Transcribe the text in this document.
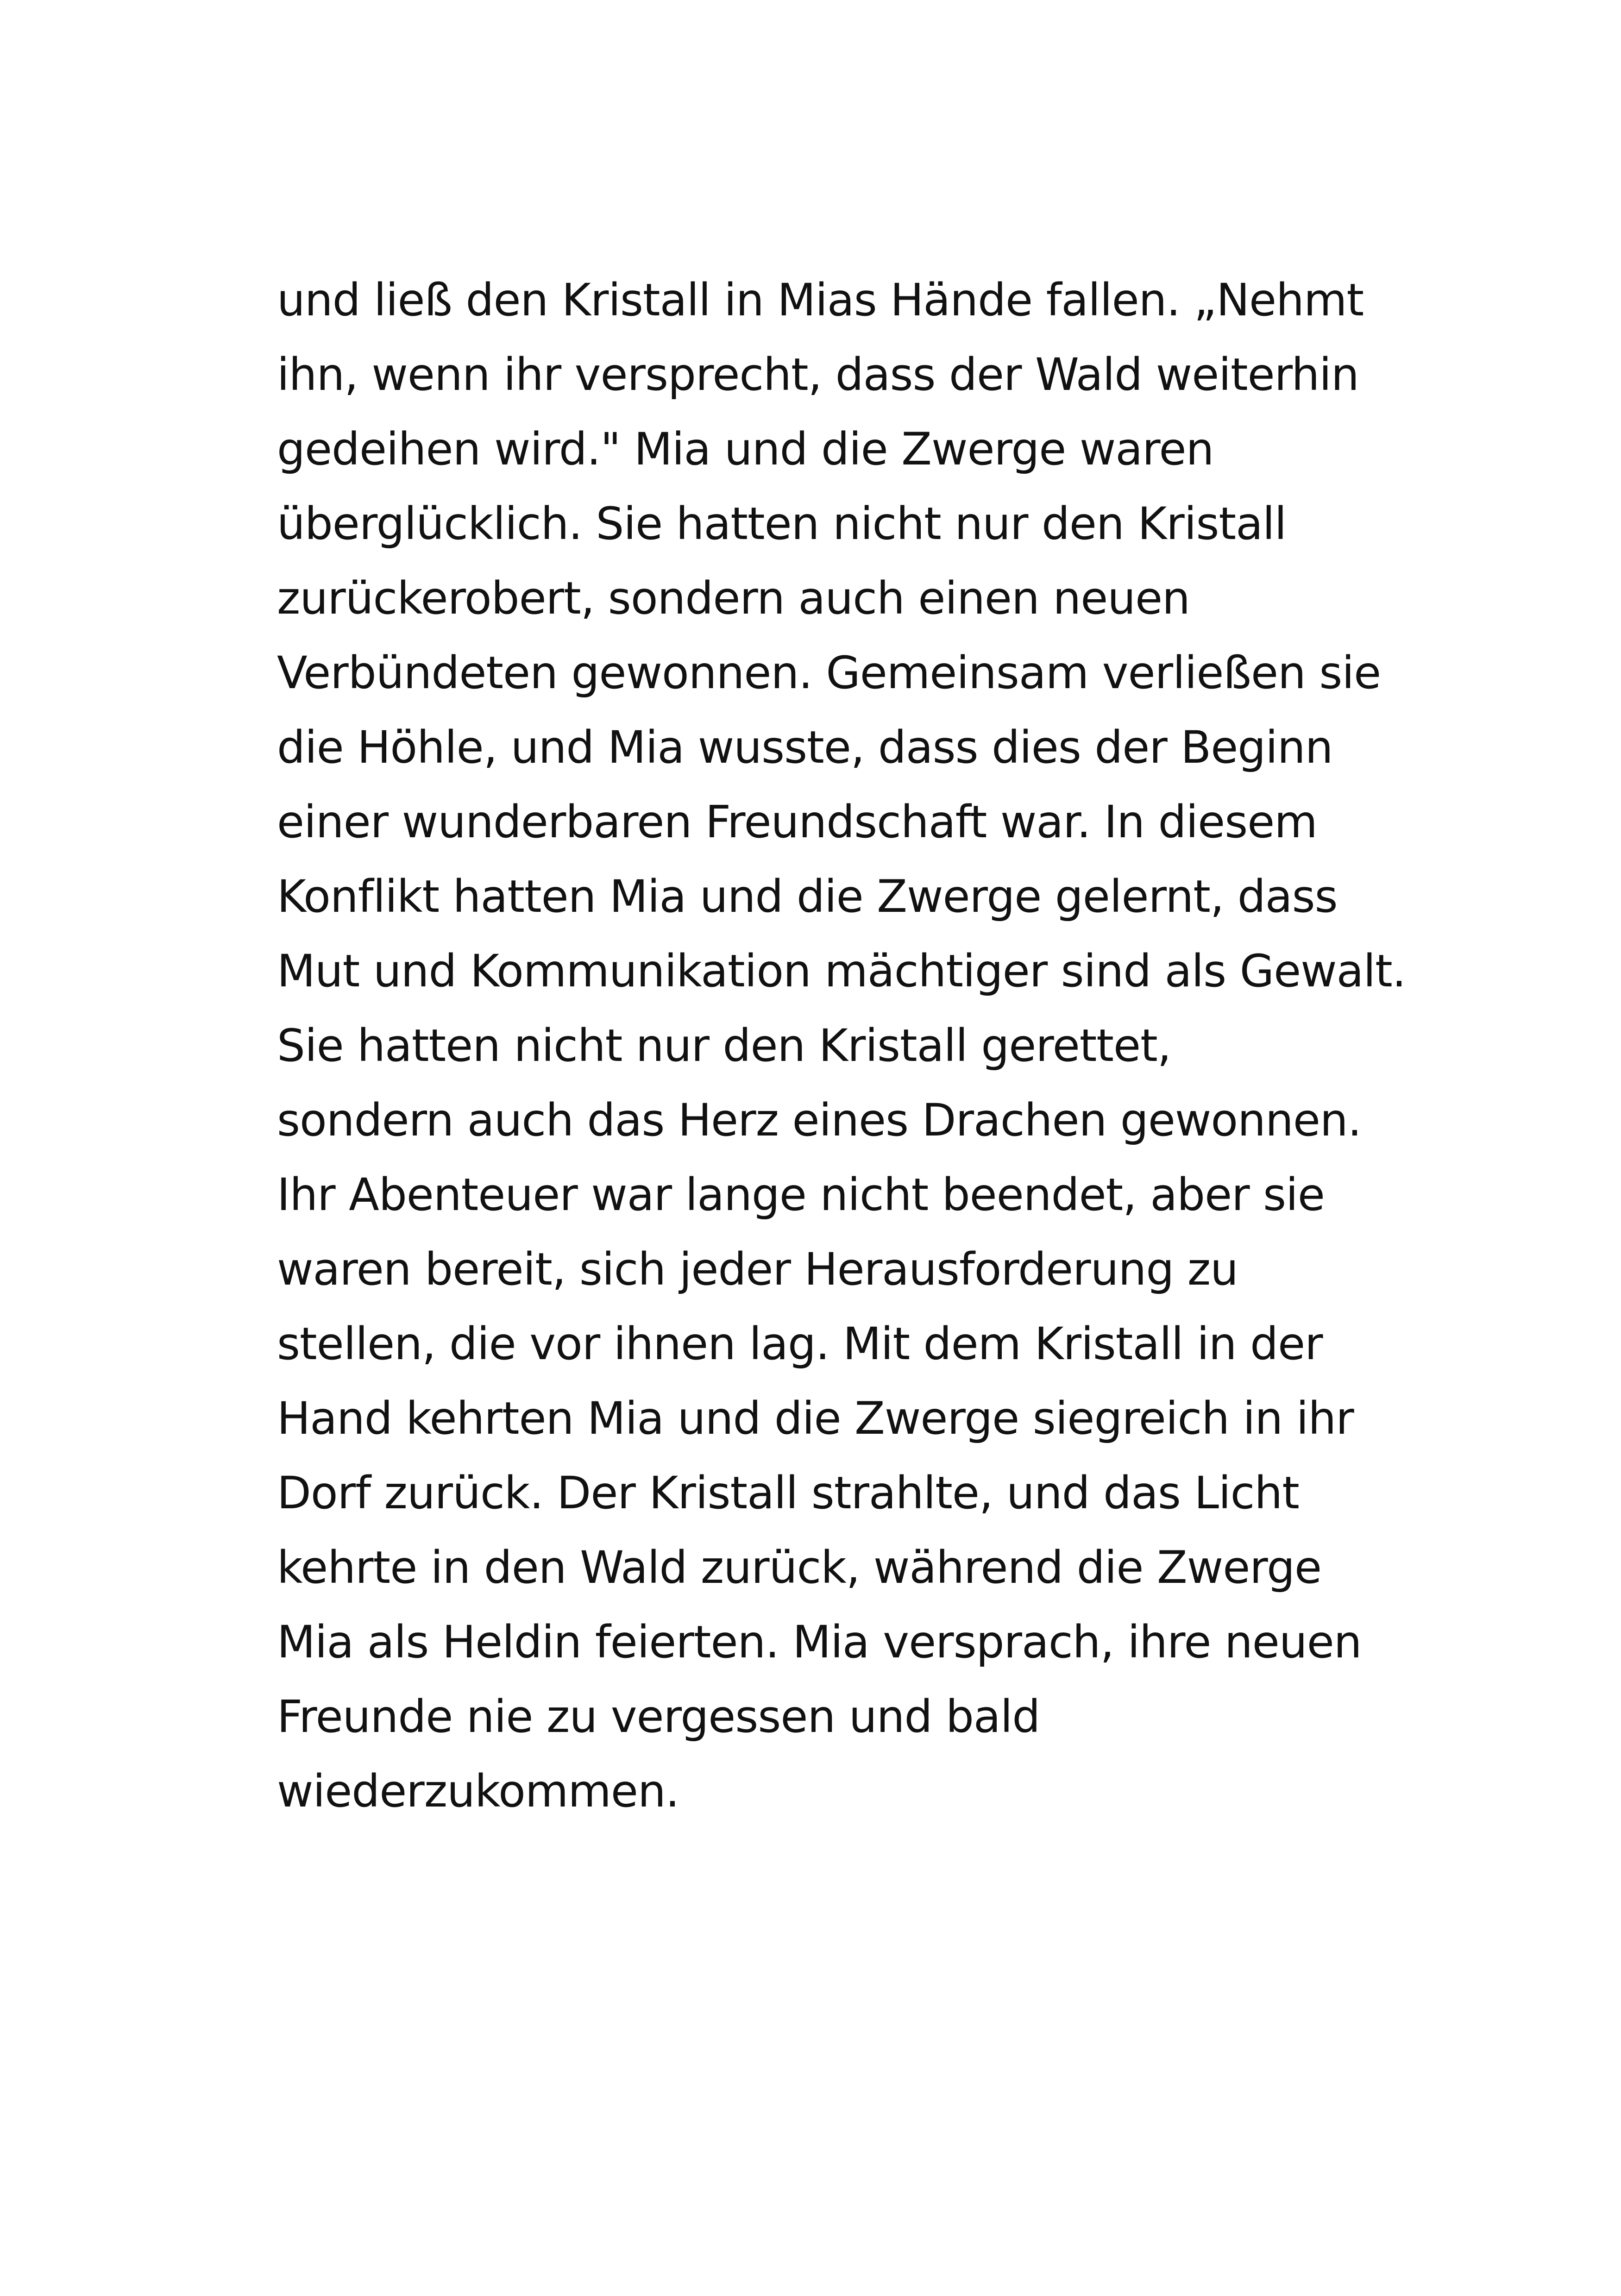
und ließ den Kristall in Mias Hände fallen. „Nehmt
ihn, wenn ihr versprecht, dass der Wald weiterhin
gedeihen wird." Mia und die Zwerge waren
überglücklich. Sie hatten nicht nur den Kristall
zurückerobert, sondern auch einen neuen
Verbündeten gewonnen. Gemeinsam verließen sie
die Höhle, und Mia wusste, dass dies der Beginn
einer wunderbaren Freundschaft war. In diesem
Konflikt hatten Mia und die Zwerge gelernt, dass
Mut und Kommunikation mächtiger sind als Gewalt.
Sie hatten nicht nur den Kristall gerettet,
sondern auch das Herz eines Drachen gewonnen.
Ihr Abenteuer war lange nicht beendet, aber sie
waren bereit, sich jeder Herausforderung zu
stellen, die vor ihnen lag. Mit dem Kristall in der
Hand kehrten Mia und die Zwerge siegreich in ihr
Dorf zurück. Der Kristall strahlte, und das Licht
kehrte in den Wald zurück, während die Zwerge
Mia als Heldin feierten. Mia versprach, ihre neuen
Freunde nie zu vergessen und bald
wiederzukommen.
